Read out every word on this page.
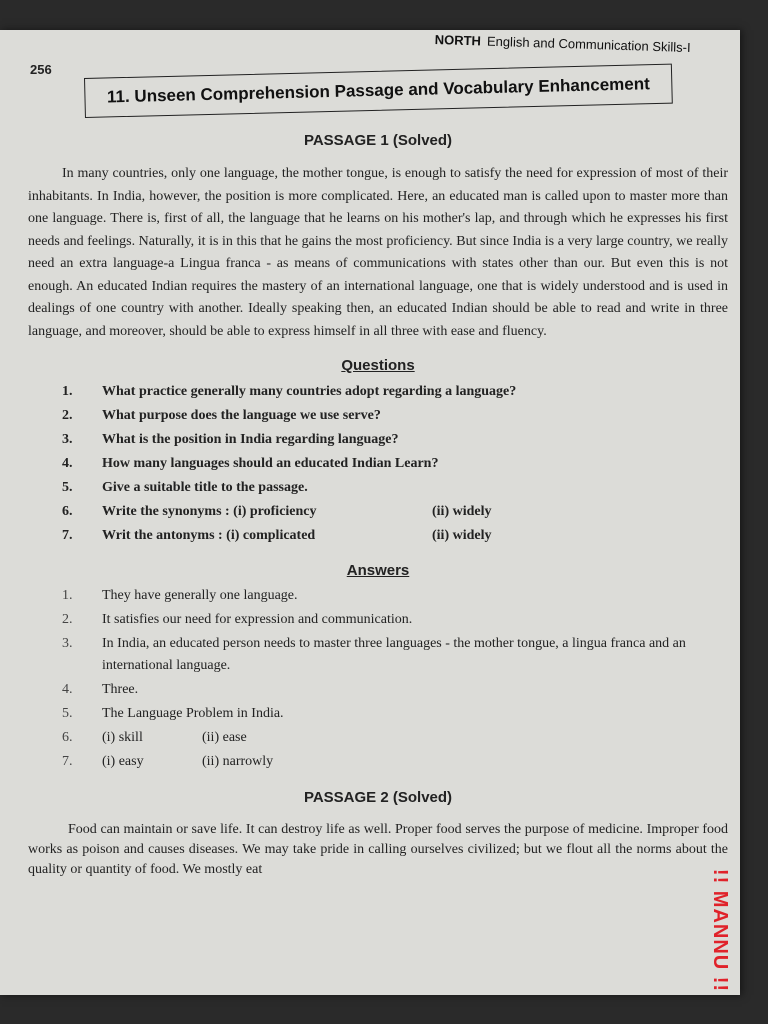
NORTH English and Communication Skills-I
256
11. Unseen Comprehension Passage and Vocabulary Enhancement
PASSAGE 1 (Solved)

In many countries, only one language, the mother tongue, is enough to satisfy the need for expression of most of their inhabitants. In India, however, the position is more complicated. Here, an educated man is called upon to master more than one language. There is, first of all, the language that he learns on his mother's lap, and through which he expresses his first needs and feelings. Naturally, it is in this that he gains the most proficiency. But since India is a very large country, we really need an extra language-a Lingua franca - as means of communications with states other than our. But even this is not enough. An educated Indian requires the mastery of an international language, one that is widely understood and is used in dealings of one country with another. Ideally speaking then, an educated Indian should be able to read and write in three language, and moreover, should be able to express himself in all three with ease and fluency.

Questions
1.	What practice generally many countries adopt regarding a language?
2.	What purpose does the language we use serve?
3.	What is the position in India regarding language?
4.	How many languages should an educated Indian Learn?
5.	Give a suitable title to the passage.
6.	Write the synonyms : (i) proficiency	(ii) widely
7.	Writ the antonyms : (i) complicated	(ii) widely
Answers
1.	They have generally one language.
2.	It satisfies our need for expression and communication.
3.	In India, an educated person needs to master three languages - the mother tongue, a lingua franca and an international language.
4.	Three.
5.	The Language Problem in India.
6.	(i) skill	(ii) ease
7.	(i) easy	(ii) narrowly
PASSAGE 2 (Solved)

Food can maintain or save life. It can destroy life as well. Proper food serves the purpose of medicine. Improper food works as poison and causes diseases. We may take pride in calling ourselves civilized; but we flout all the norms about the quality or quantity of food. We mostly eat	!! MANNU !!
